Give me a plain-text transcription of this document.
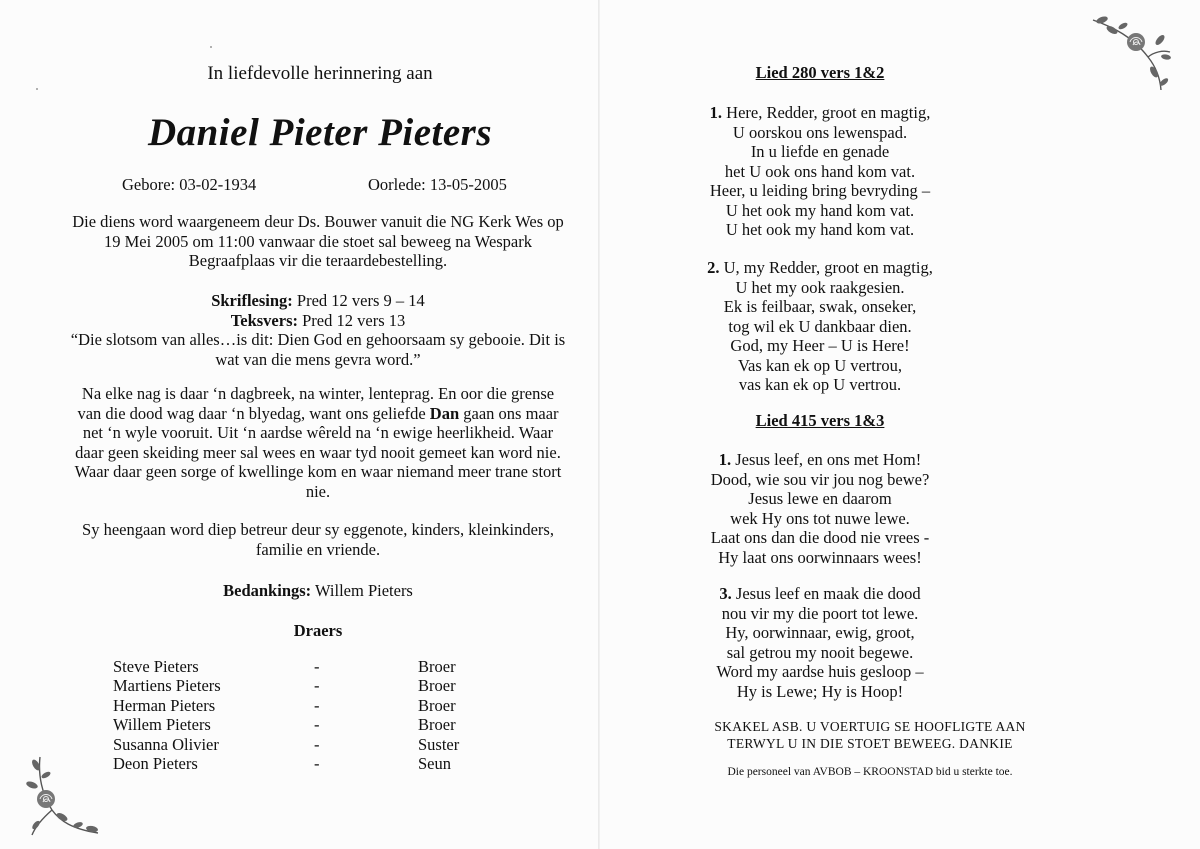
In liefdevolle herinnering aan
Daniel Pieter Pieters
Gebore: 03-02-1934	Oorlede: 13-05-2005
Die diens word waargeneem deur Ds. Bouwer vanuit die NG Kerk Wes op
19 Mei 2005 om 11:00 vanwaar die stoet sal beweeg na Wespark
Begraafplaas vir die teraardebestelling.
Skriflesing: Pred 12 vers 9 – 14
Teksvers: Pred 12 vers 13
“Die slotsom van alles…is dit: Dien God en gehoorsaam sy gebooie. Dit is
wat van die mens gevra word.”
Na elke nag is daar ‘n dagbreek, na winter, lenteprag. En oor die grense
van die dood wag daar ‘n blyedag, want ons geliefde Dan gaan ons maar
net ‘n wyle vooruit. Uit ‘n aardse wêreld na ‘n ewige heerlikheid. Waar
daar geen skeiding meer sal wees en waar tyd nooit gemeet kan word nie.
Waar daar geen sorge of kwellinge kom en waar niemand meer trane stort
nie.
Sy heengaan word diep betreur deur sy eggenote, kinders, kleinkinders,
familie en vriende.
Bedankings: Willem Pieters
Draers
Steve Pieters	-	Broer
Martiens Pieters	-	Broer
Herman Pieters	-	Broer
Willem Pieters	-	Broer
Susanna Olivier	-	Suster
Deon Pieters	-	Seun
Lied 280 vers 1&2
1. Here, Redder, groot en magtig,
U oorskou ons lewenspad.
In u liefde en genade
het U ook ons hand kom vat.
Heer, u leiding bring bevryding –
U het ook my hand kom vat.
U het ook my hand kom vat.
2. U, my Redder, groot en magtig,
U het my ook raakgesien.
Ek is feilbaar, swak, onseker,
tog wil ek U dankbaar dien.
God, my Heer – U is Here!
Vas kan ek op U vertrou,
vas kan ek op U vertrou.
Lied 415 vers 1&3
1. Jesus leef, en ons met Hom!
Dood, wie sou vir jou nog bewe?
Jesus lewe en daarom
wek Hy ons tot nuwe lewe.
Laat ons dan die dood nie vrees -
Hy laat ons oorwinnaars wees!
3. Jesus leef en maak die dood
nou vir my die poort tot lewe.
Hy, oorwinnaar, ewig, groot,
sal getrou my nooit begewe.
Word my aardse huis gesloop –
Hy is Lewe; Hy is Hoop!
SKAKEL ASB. U VOERTUIG SE HOOFLIGTE AAN
TERWYL U IN DIE STOET BEWEEG. DANKIE
Die personeel van AVBOB – KROONSTAD bid u sterkte toe.
